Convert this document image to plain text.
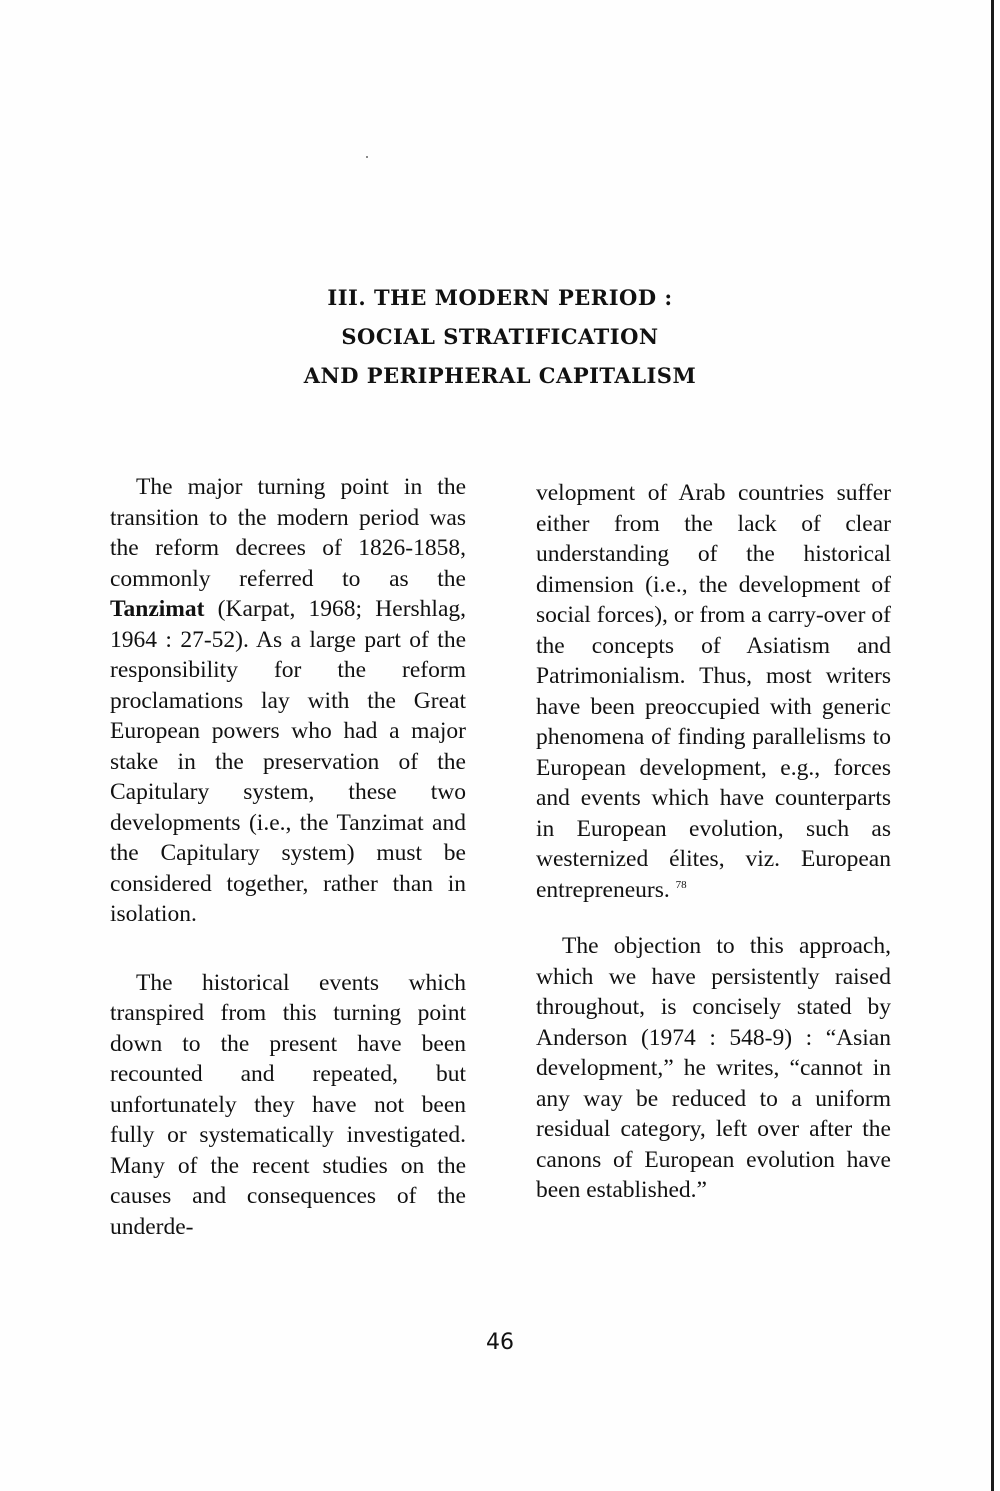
III. THE MODERN PERIOD :
SOCIAL STRATIFICATION
AND PERIPHERAL CAPITALISM

The major turning point in the transition to the modern period was the reform decrees of 1826-1858, commonly referred to as the Tanzimat (Karpat, 1968; Hershlag, 1964 : 27-52). As a large part of the responsibility for the reform proclamations lay with the Great European powers who had a major stake in the preservation of the Capitulary system, these two developments (i.e., the Tanzimat and the Capitulary system) must be considered together, rather than in isolation.

The historical events which transpired from this turning point down to the present have been recounted and repeated, but unfortunately they have not been fully or systematically investigated. Many of the recent studies on the causes and consequences of the underde-

velopment of Arab countries suffer either from the lack of clear understanding of the historical dimension (i.e., the development of social forces), or from a carry-over of the concepts of Asiatism and Patrimonialism. Thus, most writers have been preoccupied with generic phenomena of finding parallelisms to European development, e.g., forces and events which have counterparts in European evolution, such as westernized élites, viz. European entrepreneurs. $^{78}$

The objection to this approach, which we have persistently raised throughout, is concisely stated by Anderson (1974 : 548-9) : “Asian development,” he writes, “cannot in any way be reduced to a uniform residual category, left over after the canons of European evolution have been established.”

46
